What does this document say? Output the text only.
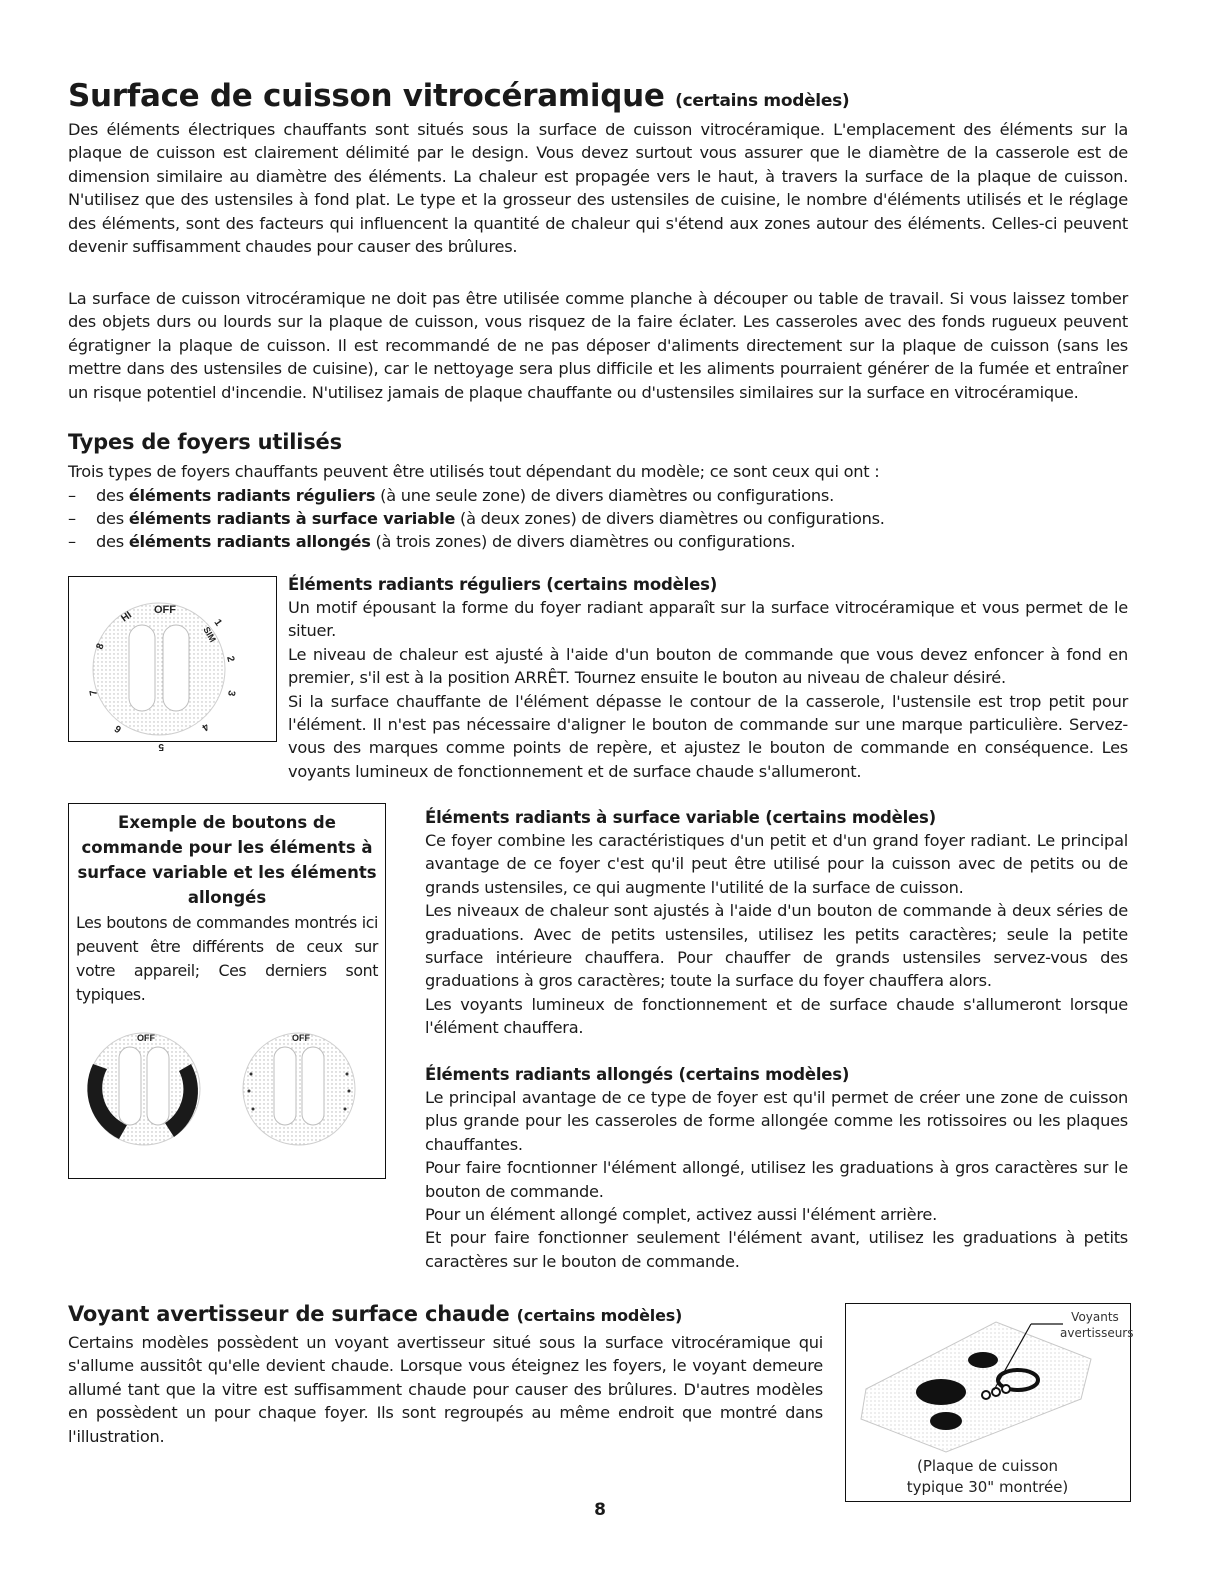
Surface de cuisson vitrocéramique (certains modèles)

Des éléments électriques chauffants sont situés sous la surface de cuisson vitrocéramique. L'emplacement des éléments sur la plaque de cuisson est clairement délimité par le design. Vous devez surtout vous assurer que le diamètre de la casserole est de dimension similaire au diamètre des éléments. La chaleur est propagée vers le haut, à travers la surface de la plaque de cuisson. N'utilisez que des ustensiles à fond plat. Le type et la grosseur des ustensiles de cuisine, le nombre d'éléments utilisés et le réglage des éléments, sont des facteurs qui influencent la quantité de chaleur qui s'étend aux zones autour des éléments. Celles-ci peuvent devenir suffisamment chaudes pour causer des brûlures.

La surface de cuisson vitrocéramique ne doit pas être utilisée comme planche à découper ou table de travail. Si vous laissez tomber des objets durs ou lourds sur la plaque de cuisson, vous risquez de la faire éclater. Les casseroles avec des fonds rugueux peuvent égratigner la plaque de cuisson. Il est recommandé de ne pas déposer d'aliments directement sur la plaque de cuisson (sans les mettre dans des ustensiles de cuisine), car le nettoyage sera plus difficile et les aliments pourraient générer de la fumée et entraîner un risque potentiel d'incendie. N'utilisez jamais de plaque chauffante ou d'ustensiles similaires sur la surface en vitrocéramique.

Types de foyers utilisés

Trois types de foyers chauffants peuvent être utilisés tout dépendant du modèle; ce sont ceux qui ont :

– des éléments radiants réguliers (à une seule zone) de divers diamètres ou configurations.
– des éléments radiants à surface variable (à deux zones) de divers diamètres ou configurations.
– des éléments radiants allongés (à trois zones) de divers diamètres ou configurations.
OFF
HI
SIM
8
7
6
5
4
3
2
1
Éléments radiants réguliers (certains modèles)

Un motif épousant la forme du foyer radiant apparaît sur la surface vitrocéramique et vous permet de le situer.

Le niveau de chaleur est ajusté à l'aide d'un bouton de commande que vous devez enfoncer à fond en premier, s'il est à la position ARRÊT. Tournez ensuite le bouton au niveau de chaleur désiré.

Si la surface chauffante de l'élément dépasse le contour de la casserole, l'ustensile est trop petit pour l'élément. Il n'est pas nécessaire d'aligner le bouton de commande sur une marque particulière. Servez-vous des marques comme points de repère, et ajustez le bouton de commande en conséquence. Les voyants lumineux de fonctionnement et de surface chaude s'allumeront.

Exemple de boutons de commande pour les éléments à surface variable et les éléments allongés
Les boutons de commandes montrés ici peuvent être différents de ceux sur votre appareil; Ces derniers sont typiques.
OFF	OFF
Éléments radiants à surface variable (certains modèles)

Ce foyer combine les caractéristiques d'un petit et d'un grand foyer radiant. Le principal avantage de ce foyer c'est qu'il peut être utilisé pour la cuisson avec de petits ou de grands ustensiles, ce qui augmente l'utilité de la surface de cuisson.

Les niveaux de chaleur sont ajustés à l'aide d'un bouton de commande à deux séries de graduations. Avec de petits ustensiles, utilisez les petits caractères; seule la petite surface intérieure chauffera. Pour chauffer de grands ustensiles servez-vous des graduations à gros caractères; toute la surface du foyer chauffera alors.

Les voyants lumineux de fonctionnement et de surface chaude s'allumeront lorsque l'élément chauffera.

Éléments radiants allongés (certains modèles)

Le principal avantage de ce type de foyer est qu'il permet de créer une zone de cuisson plus grande pour les casseroles de forme allongée comme les rotissoires ou les plaques chauffantes.

Pour faire focntionner l'élément allongé, utilisez les graduations à gros caractères sur le bouton de commande.

Pour un élément allongé complet, activez aussi l'élément arrière.

Et pour faire fonctionner seulement l'élément avant, utilisez les graduations à petits caractères sur le bouton de commande.

Voyant avertisseur de surface chaude (certains modèles)

Certains modèles possèdent un voyant avertisseur situé sous la surface vitrocéramique qui s'allume aussitôt qu'elle devient chaude. Lorsque vous éteignez les foyers, le voyant demeure allumé tant que la vitre est suffisamment chaude pour causer des brûlures. D'autres modèles en possèdent un pour chaque foyer. Ils sont regroupés au même endroit que montré dans l'illustration.

Voyants
avertisseurs
(Plaque de cuisson
typique 30" montrée)
8
